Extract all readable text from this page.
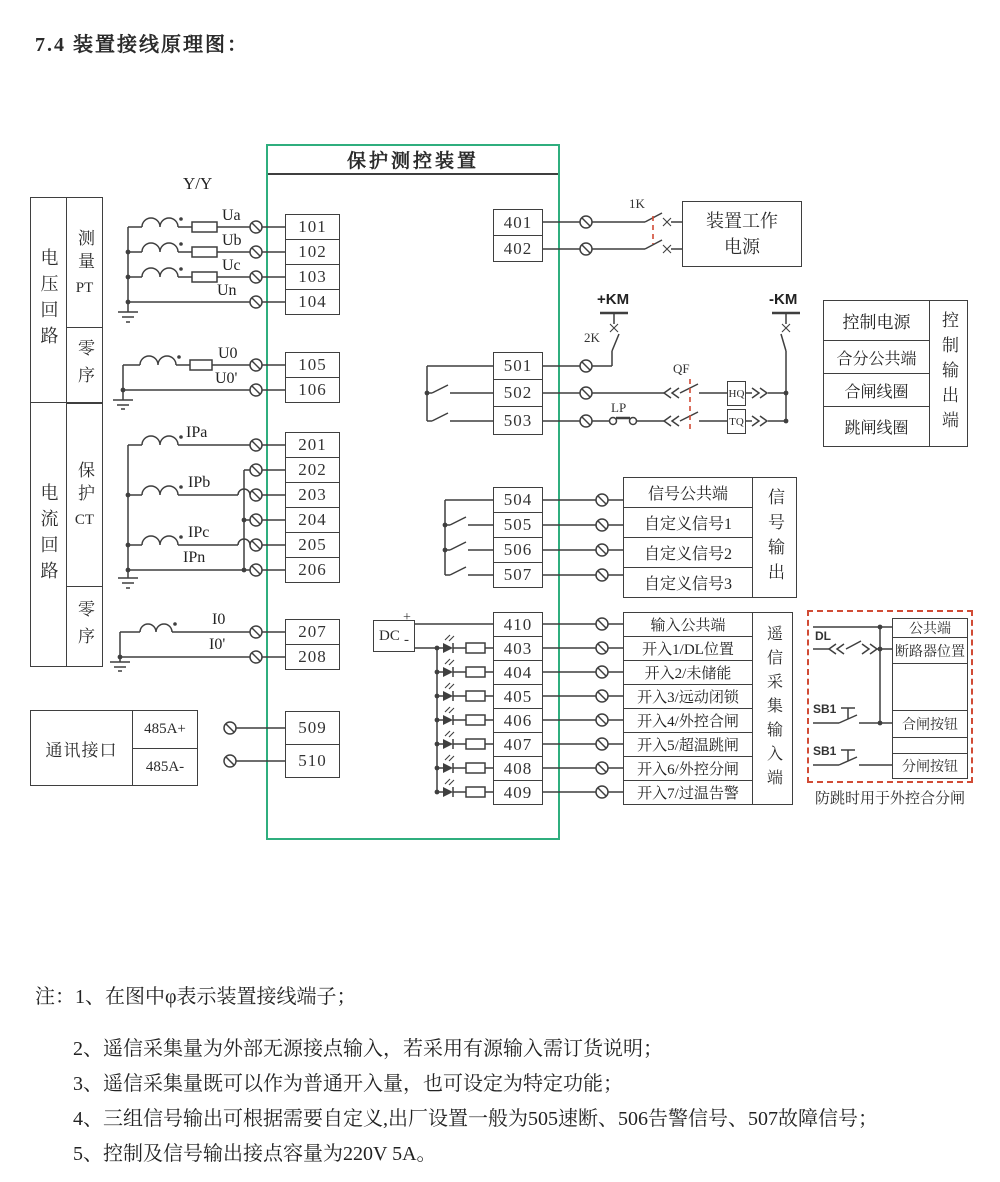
7.4 装置接线原理图：
保护测控装置
电压回路 测量
PT
零序
电流回路 保护
CT
零序
通讯接口
485A+
485A-
101
102
103
104
105
106
201
202
203
204
205
206
207
208
509
510
401
402
501
502
503
504
505
506
507
410
403
404
405
406
407
408
409
装置工作电源
控制电源
合分公共端
合闸线圈
跳闸线圈	控制输出端
信号公共端
自定义信号1
自定义信号2
自定义信号3	信号输出
输入公共端
开入1/DL位置
开入2/未储能
开入3/远动闭锁
开入4/外控合闸
开入5/超温跳闸
开入6/外控分闸
开入7/过温告警
遥信采集输入端	公共端
断路器位置
合闸按钮
分闸按钮
防跳时用于外控合分闸
HQ
TQ
DC
+
-
Y/Y
Ua
Ub
Uc
Un
U0
U0'
IPa
IPb
IPc
IPn
I0
I0'
1K
2K
+KM	-KM
QF
LP
DL
SB1
SB1
注： 1、在图中φ表示装置接线端子；
2、遥信采集量为外部无源接点输入，若采用有源输入需订货说明；
3、遥信采集量既可以作为普通开入量，也可设定为特定功能；
4、三组信号输出可根据需要自定义,出厂设置一般为505速断、506告警信号、507故障信号；
5、控制及信号输出接点容量为220V 5A。
